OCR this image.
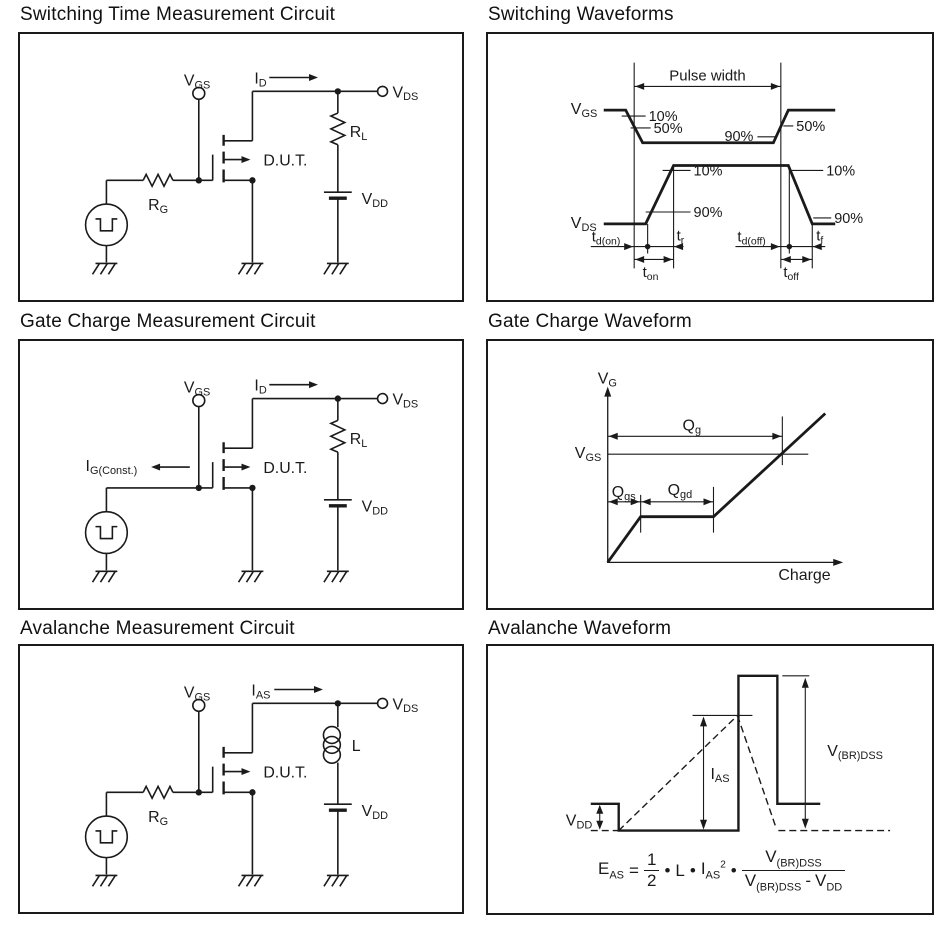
Switching Time Measurement Circuit	Switching Waveforms
Gate Charge Measurement Circuit	Gate Charge Waveform
Avalanche Measurement Circuit	Avalanche Waveform
VGS	ID
VDS
RL
VDD
RG
D.U.T.
Pulse width
VGS
VDS
10%
50%	90%
50%
10%
90%
10%
90%
$t_{d(on)}$	$t_r$
$t_{on}$
$t_{d(off)}$	$t_f$
$t_{off}$
VGS	ID
VDS
RL
VDD
IG(Const.)	D.U.T.
VG
VGS
Qg
Qgs Qgd
Charge
VGS	IAS
VDS
L
VDD
RG
D.U.T.
VDD
IAS
V(BR)DSS
$E_{AS} = \frac{1}{2}$ • L • $I_{AS}^2$ • $\frac{V_{(BR)DSS}}{V_{(BR)DSS} - V_{DD}}$
